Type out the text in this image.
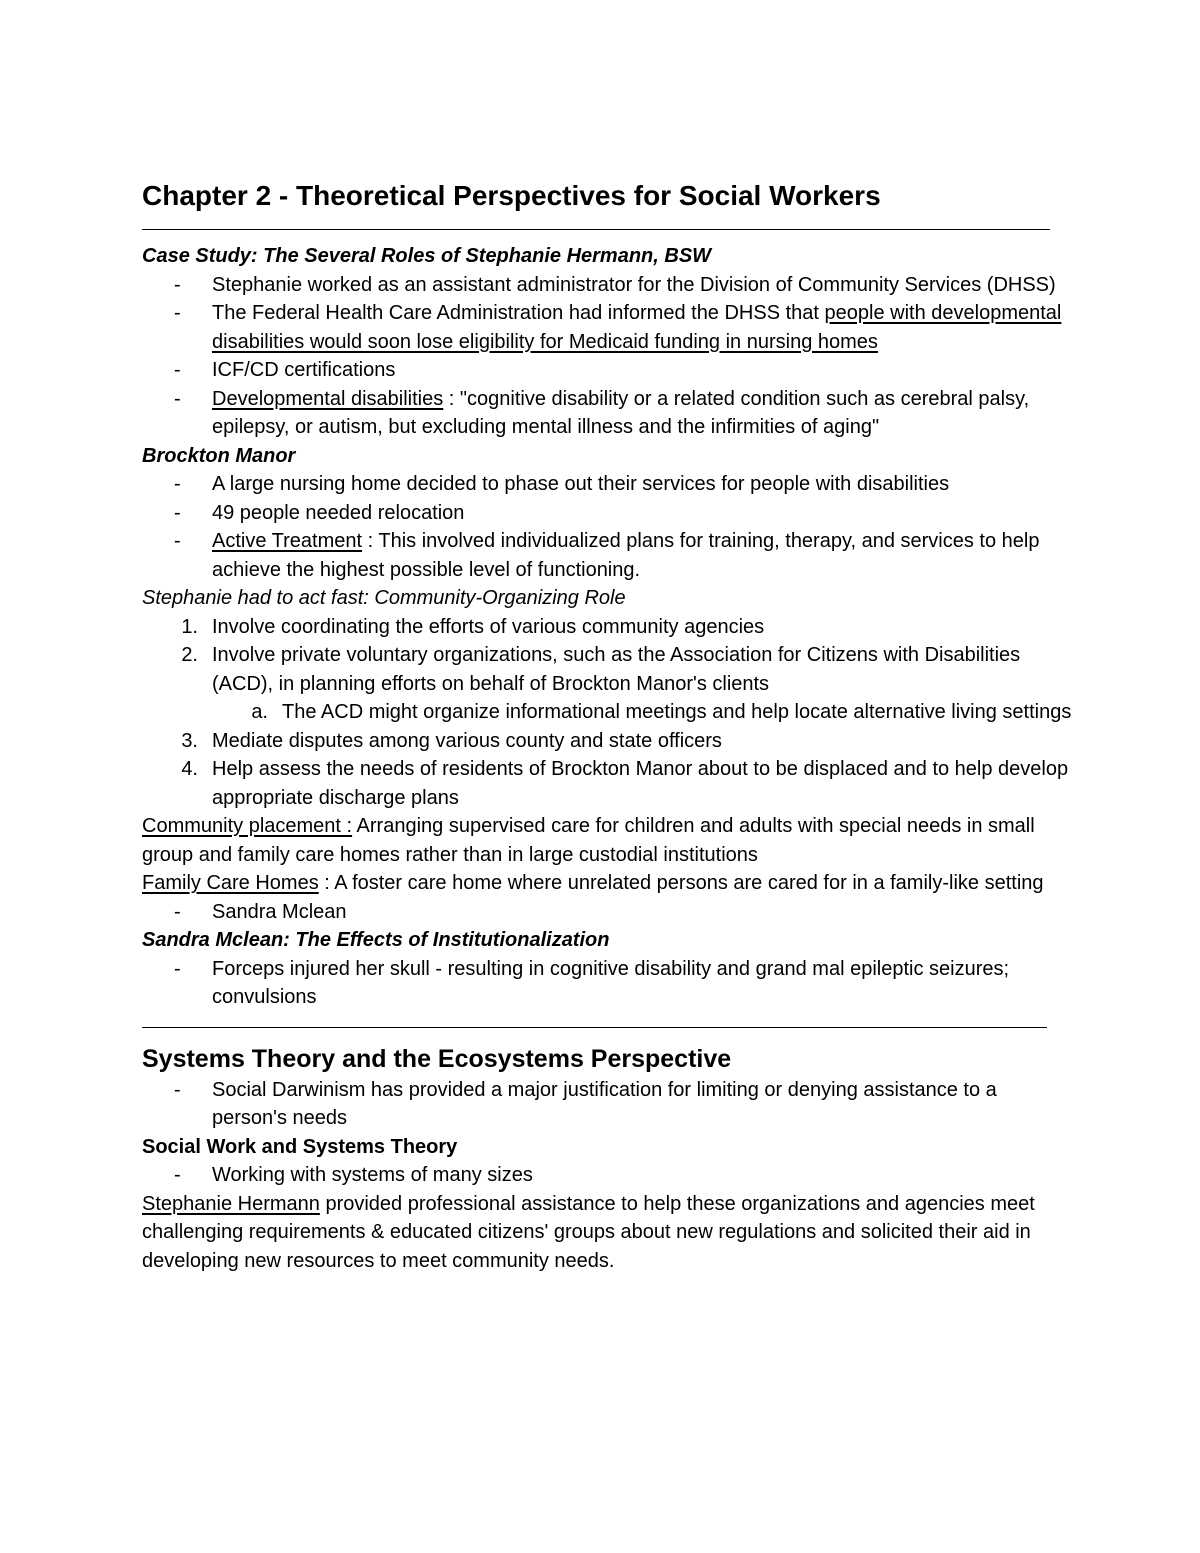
Chapter 2 - Theoretical Perspectives for Social Workers
Case Study: The Several Roles of Stephanie Hermann, BSW
-	Stephanie worked as an assistant administrator for the Division of Community Services (DHSS)
-	The Federal Health Care Administration had informed the DHSS that people with developmental disabilities would soon lose eligibility for Medicaid funding in nursing homes
-	ICF/CD certifications
-	Developmental disabilities : "cognitive disability or a related condition such as cerebral palsy, epilepsy, or autism, but excluding mental illness and the infirmities of aging"
Brockton Manor
-	A large nursing home decided to phase out their services for people with disabilities
-	49 people needed relocation
-	Active Treatment : This involved individualized plans for training, therapy, and services to help achieve the highest possible level of functioning.
Stephanie had to act fast: Community-Organizing Role
1. Involve coordinating the efforts of various community agencies
2. Involve private voluntary organizations, such as the Association for Citizens with Disabilities (ACD), in planning efforts on behalf of Brockton Manor's clients
a. The ACD might organize informational meetings and help locate alternative living settings
3. Mediate disputes among various county and state officers
4. Help assess the needs of residents of Brockton Manor about to be displaced and to help develop appropriate discharge plans

Community placement : Arranging supervised care for children and adults with special needs in small group and family care homes rather than in large custodial institutions

Family Care Homes : A foster care home where unrelated persons are cared for in a family-like setting

-	Sandra Mclean
Sandra Mclean: The Effects of Institutionalization
-	Forceps injured her skull - resulting in cognitive disability and grand mal epileptic seizures; convulsions
Systems Theory and the Ecosystems Perspective
-	Social Darwinism has provided a major justification for limiting or denying assistance to a person's needs
Social Work and Systems Theory
-	Working with systems of many sizes

Stephanie Hermann provided professional assistance to help these organizations and agencies meet challenging requirements & educated citizens' groups about new regulations and solicited their aid in developing new resources to meet community needs.
